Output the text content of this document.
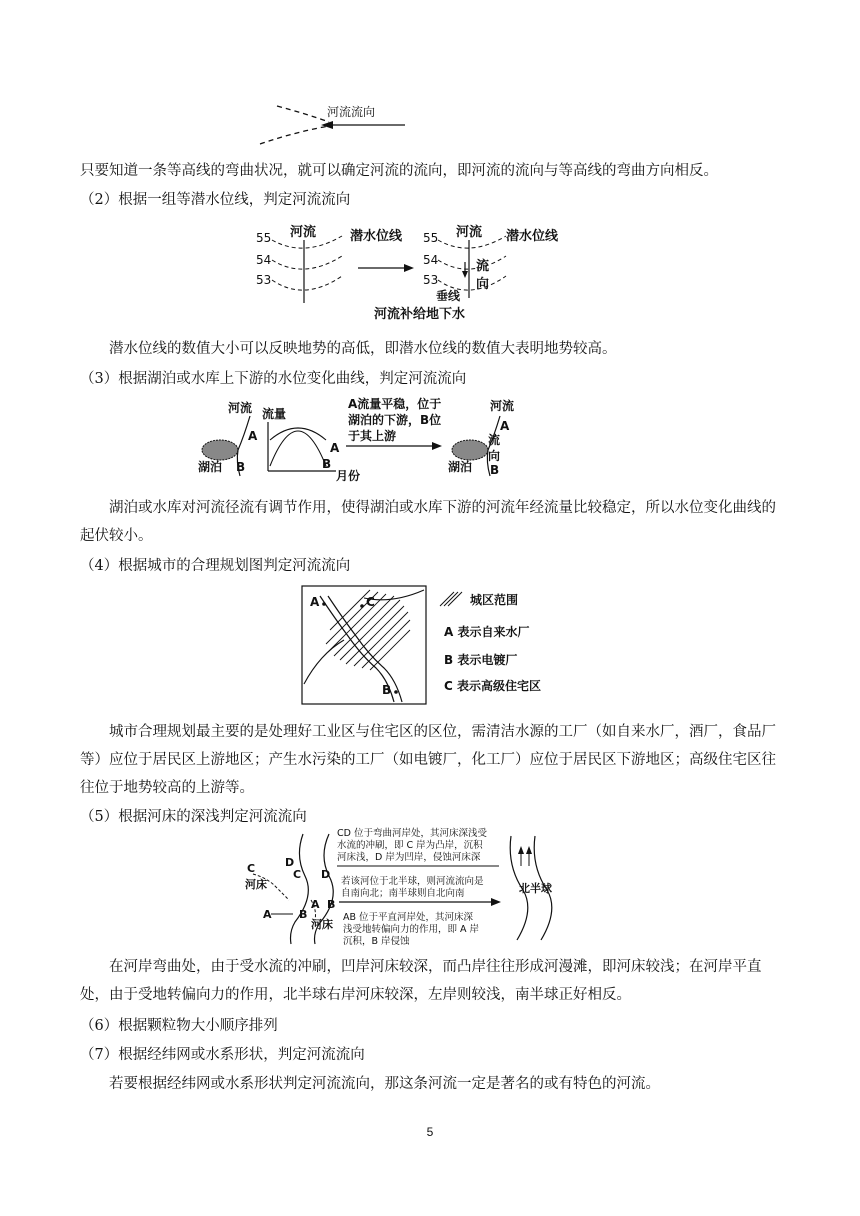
河流流向
只要知道一条等高线的弯曲状况，就可以确定河流的流向，即河流的流向与等高线的弯曲方向相反。
（2）根据一组等潜水位线，判定河流流向
河流	潜水位线
55
54
53
河流 潜水位线
55
54
53
流
向
垂线
河流补给地下水
潜水位线的数值大小可以反映地势的高低，即潜水位线的数值大表明地势较高。
（3）根据湖泊或水库上下游的水位变化曲线，判定河流流向
河流
A
B
湖泊
流量
A
B
月份
A流量平稳，位于
湖泊的下游，B位
于其上游
河流
A
流
向
B
湖泊
湖泊或水库对河流径流有调节作用，使得湖泊或水库下游的河流年经流量比较稳定，所以水位变化曲线的起伏较小。
（4）根据城市的合理规划图判定河流流向
A	C
B
城区范围
A 表示自来水厂
B 表示电镀厂
C 表示高级住宅区
城市合理规划最主要的是处理好工业区与住宅区的区位，需清洁水源的工厂（如自来水厂，酒厂，食品厂等）应位于居民区上游地区；产生水污染的工厂（如电镀厂，化工厂）应位于居民区下游地区；高级住宅区往往位于地势较高的上游等。
（5）根据河床的深浅判定河流流向
C	D
C D
河床
A B
A B
河床
CD 位于弯曲河岸处，其河床深浅受
水流的冲刷，即 C 岸为凸岸，沉积
河床浅，D 岸为凹岸，侵蚀河床深
若该河位于北半球，则河流流向是
自南向北；南半球则自北向南
AB 位于平直河岸处，其河床深
浅受地转偏向力的作用，即 A 岸
沉积，B 岸侵蚀
北半球
在河岸弯曲处，由于受水流的冲刷，凹岸河床较深，而凸岸往往形成河漫滩，即河床较浅；在河岸平直处，由于受地转偏向力的作用，北半球右岸河床较深，左岸则较浅，南半球正好相反。
（6）根据颗粒物大小顺序排列
（7）根据经纬网或水系形状，判定河流流向
若要根据经纬网或水系形状判定河流流向，那这条河流一定是著名的或有特色的河流。
5
